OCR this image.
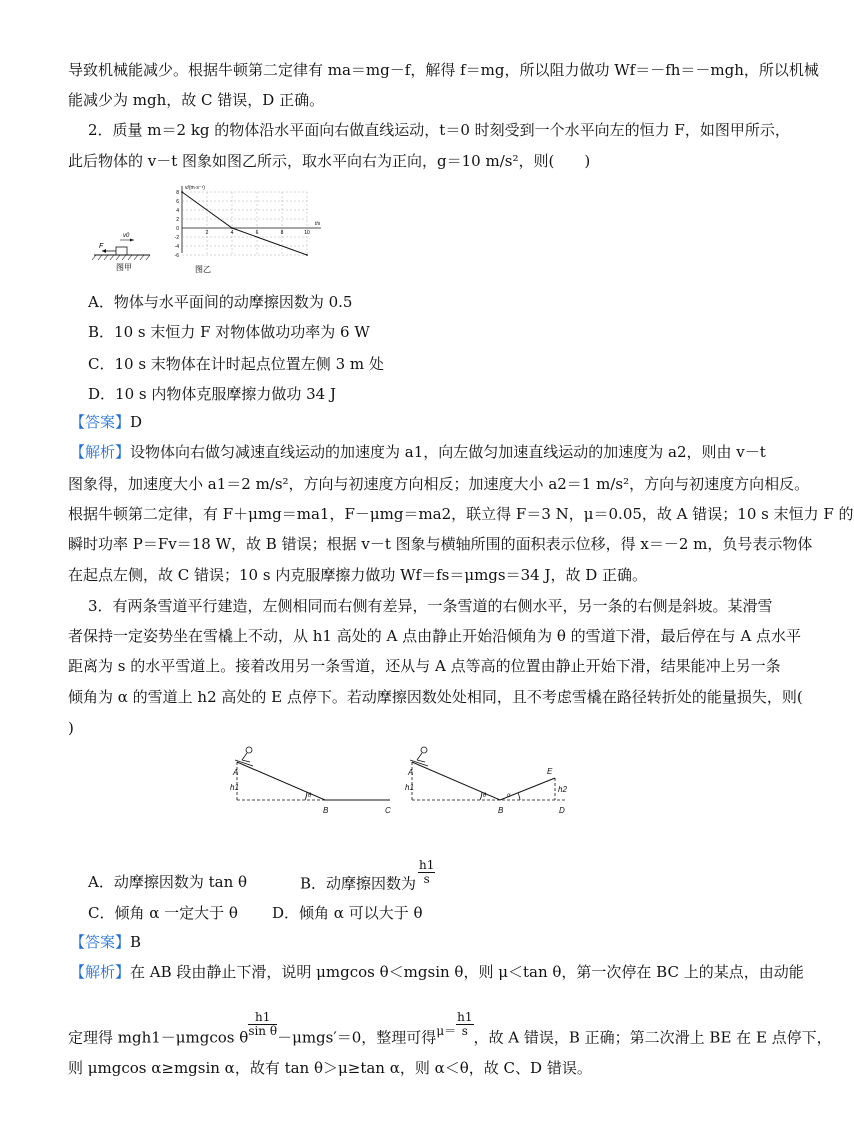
导致机械能减少。根据牛顿第二定律有 ma＝mg－f，解得 f＝mg，所以阻力做功 Wf＝－fh＝－mgh，所以机械
能减少为 mgh，故 C 错误，D 正确。
2．质量 m＝2 kg 的物体沿水平面向右做直线运动，t＝0 时刻受到一个水平向左的恒力 F，如图甲所示，
此后物体的 v－t 图象如图乙所示，取水平向右为正向，g＝10 m/s²，则(　　)
F
v0
图甲
v/(m·s⁻¹)
t/s
8
6
4
2
0
-2
-4
-6
2	4	6	8	10
图乙
A．物体与水平面间的动摩擦因数为 0.5
B．10 s 末恒力 F 对物体做功功率为 6 W
C．10 s 末物体在计时起点位置左侧 3 m 处
D．10 s 内物体克服摩擦力做功 34 J
【答案】D
【解析】设物体向右做匀减速直线运动的加速度为 a1，向左做匀加速直线运动的加速度为 a2，则由 v－t
图象得，加速度大小 a1＝2 m/s²，方向与初速度方向相反；加速度大小 a2＝1 m/s²，方向与初速度方向相反。
根据牛顿第二定律，有 F＋μmg＝ma1，F－μmg＝ma2，联立得 F＝3 N，μ＝0.05，故 A 错误；10 s 末恒力 F 的
瞬时功率 P＝Fv＝18 W，故 B 错误；根据 v－t 图象与横轴所围的面积表示位移，得 x＝－2 m，负号表示物体
在起点左侧，故 C 错误；10 s 内克服摩擦力做功 Wf＝fs＝μmgs＝34 J，故 D 正确。
3．有两条雪道平行建造，左侧相同而右侧有差异，一条雪道的右侧水平，另一条的右侧是斜坡。某滑雪
者保持一定姿势坐在雪橇上不动，从 h1 高处的 A 点由静止开始沿倾角为 θ 的雪道下滑，最后停在与 A 点水平
距离为 s 的水平雪道上。接着改用另一条雪道，还从与 A 点等高的位置由静止开始下滑，结果能冲上另一条
倾角为 α 的雪道上 h2 高处的 E 点停下。若动摩擦因数处处相同，且不考虑雪橇在路径转折处的能量损失，则(
)
A
h1
θ
B	C
A
h1
θ	α
B
E
h2
D
A．动摩擦因数为 tan θ	B．动摩擦因数为 $\frac{h1}{s}$
C．倾角 α 一定大于 θ D．倾角 α 可以大于 θ
【答案】B
【解析】在 AB 段由静止下滑，说明 μmgcos θ＜mgsin θ，则 μ＜tan θ，第一次停在 BC 上的某点，由动能
定理得 mgh1－μmgcos θ $\frac{h1}{\text{sin θ}} -\mu mgs'=0$，整理可得$^{\mu=} \frac{h1}{s}$ ，故 A 错误，B 正确；第二次滑上 BE 在 E 点停下，
则 μmgcos α≥mgsin α，故有 tan θ＞μ≥tan α，则 α＜θ，故 C、D 错误。
